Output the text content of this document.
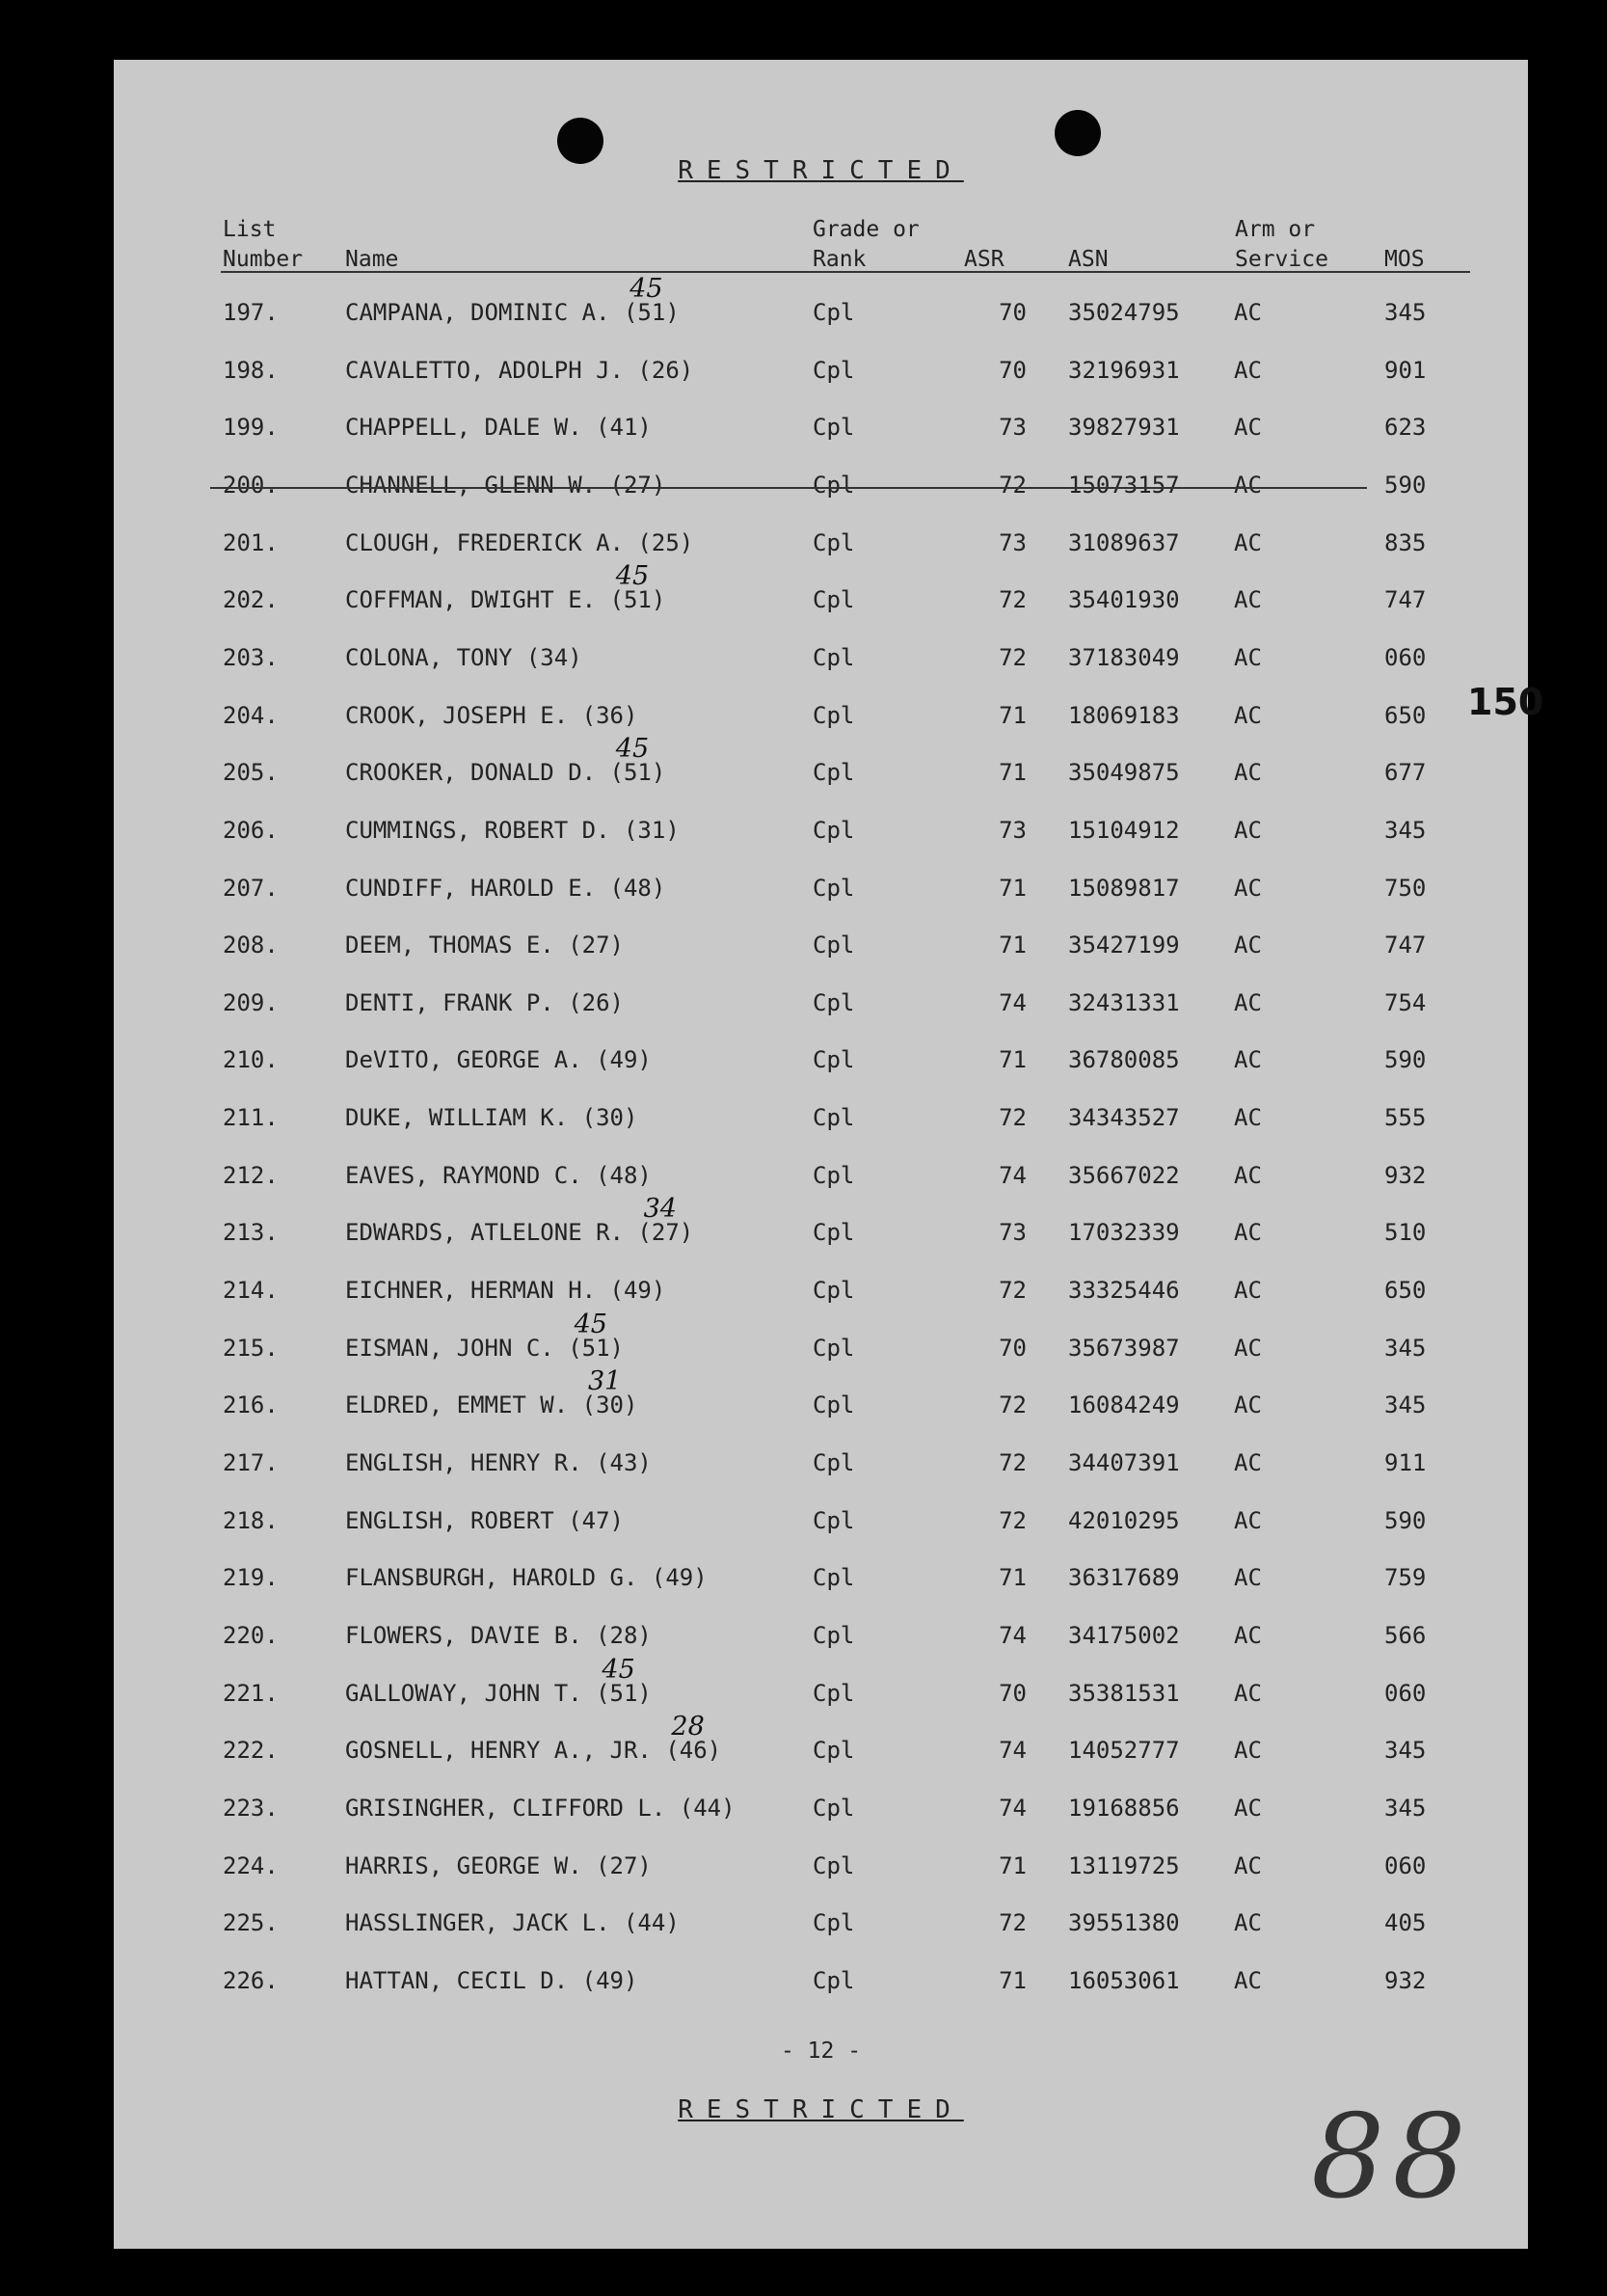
RESTRICTED
List
Number Name
Grade or
Rank	ASR	ASN
Arm or
Service	MOS
197.	CAMPANA, DOMINIC A. (51)	Cpl	70 35024795 AC	345
45
198.	CAVALETTO, ADOLPH J. (26)	Cpl	70 32196931 AC	901
199.	CHAPPELL, DALE W. (41)	Cpl	73 39827931 AC	623
200.	CHANNELL, GLENN W. (27)	Cpl	72 15073157 AC	590
201.	CLOUGH, FREDERICK A. (25)	Cpl	73 31089637 AC	835
202.	COFFMAN, DWIGHT E. (51)	Cpl	72 35401930 AC	747
45
203.	COLONA, TONY (34)	Cpl	72 37183049 AC	060
204.	CROOK, JOSEPH E. (36)	Cpl	71 18069183 AC	650
205.	CROOKER, DONALD D. (51)	Cpl	71 35049875 AC	677
45
206.	CUMMINGS, ROBERT D. (31)	Cpl	73 15104912 AC	345
207.	CUNDIFF, HAROLD E. (48)	Cpl	71 15089817 AC	750
208.	DEEM, THOMAS E. (27)	Cpl	71 35427199 AC	747
209.	DENTI, FRANK P. (26)	Cpl	74 32431331 AC	754
210.	DeVITO, GEORGE A. (49)	Cpl	71 36780085 AC	590
211.	DUKE, WILLIAM K. (30)	Cpl	72 34343527 AC	555
212.	EAVES, RAYMOND C. (48)	Cpl	74 35667022 AC	932
213.	EDWARDS, ATLELONE R. (27)	Cpl	73 17032339 AC	510
34
214.	EICHNER, HERMAN H. (49)	Cpl	72 33325446 AC	650
215.	EISMAN, JOHN C. (51)	Cpl	70 35673987 AC	345
45
216.	ELDRED, EMMET W. (30)	Cpl	72 16084249 AC	345
31
217.	ENGLISH, HENRY R. (43)	Cpl	72 34407391 AC	911
218.	ENGLISH, ROBERT (47)	Cpl	72 42010295 AC	590
219.	FLANSBURGH, HAROLD G. (49)	Cpl	71 36317689 AC	759
220.	FLOWERS, DAVIE B. (28)	Cpl	74 34175002 AC	566
221.	GALLOWAY, JOHN T. (51)	Cpl	70 35381531 AC	060
45
222.	GOSNELL, HENRY A., JR. (46)	Cpl	74 14052777 AC	345
28
223.	GRISINGHER, CLIFFORD L. (44)	Cpl	74 19168856 AC	345
224.	HARRIS, GEORGE W. (27)	Cpl	71 13119725 AC	060
225.	HASSLINGER, JACK L. (44)	Cpl	72 39551380 AC	405
226.	HATTAN, CECIL D. (49)	Cpl	71 16053061 AC	932
- 12 -
RESTRICTED
150
88
